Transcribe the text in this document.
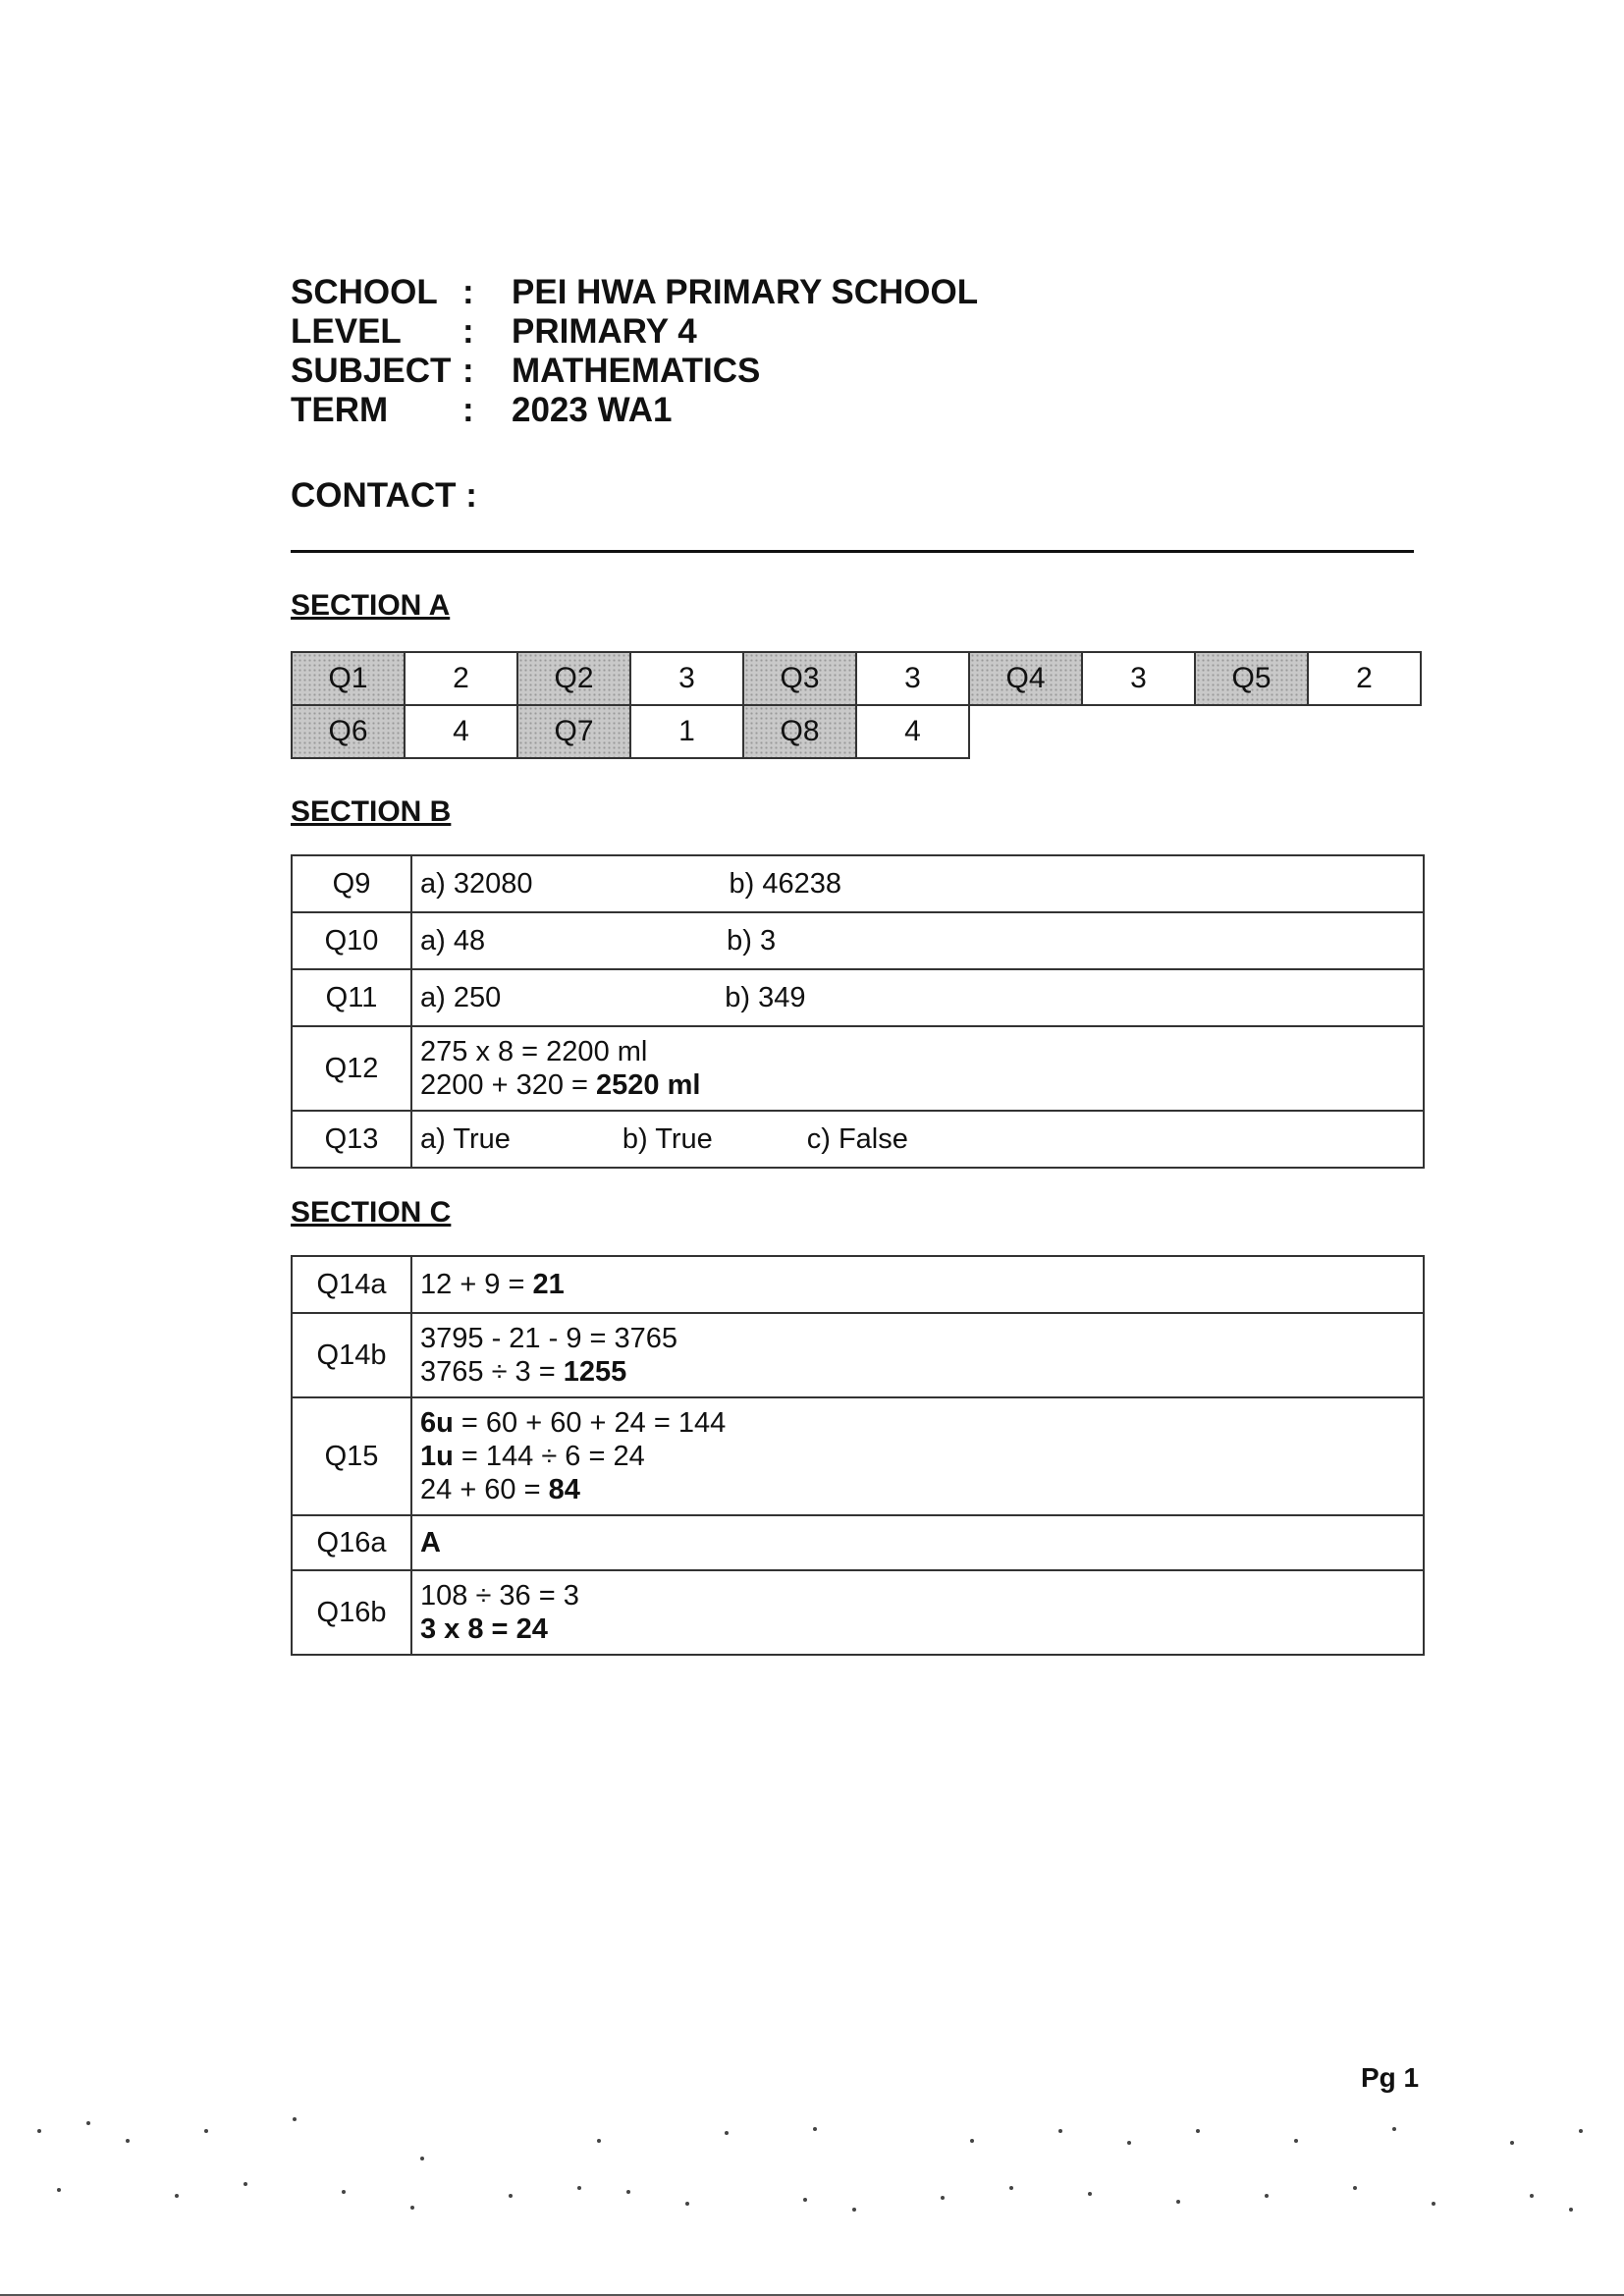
SCHOOL :	PEI HWA PRIMARY SCHOOL
LEVEL	:	PRIMARY 4
SUBJECT :	MATHEMATICS
TERM	:	2023 WA1
CONTACT :
SECTION A
Q1	2	Q2	3	Q3	3	Q4	3	Q5	2
Q6	4	Q7	1	Q8	4				
SECTION B
Q9	a) 32080 b) 46238
Q10	a) 48 b) 3
Q11	a) 250 b) 349
Q12	275 x 8 = 2200 ml
2200 + 320 = 2520 ml

Q13	a) True b) True c) False
SECTION C
Q14a	12 + 9 = 21
Q14b	3795 - 21 - 9 = 3765
3765 ÷ 3 = 1255

Q15	6u = 60 + 60 + 24 = 144
1u = 144 ÷ 6 = 24
24 + 60 = 84

Q16a	A
Q16b	108 ÷ 36 = 3
3 x 8 = 24
Pg 1
